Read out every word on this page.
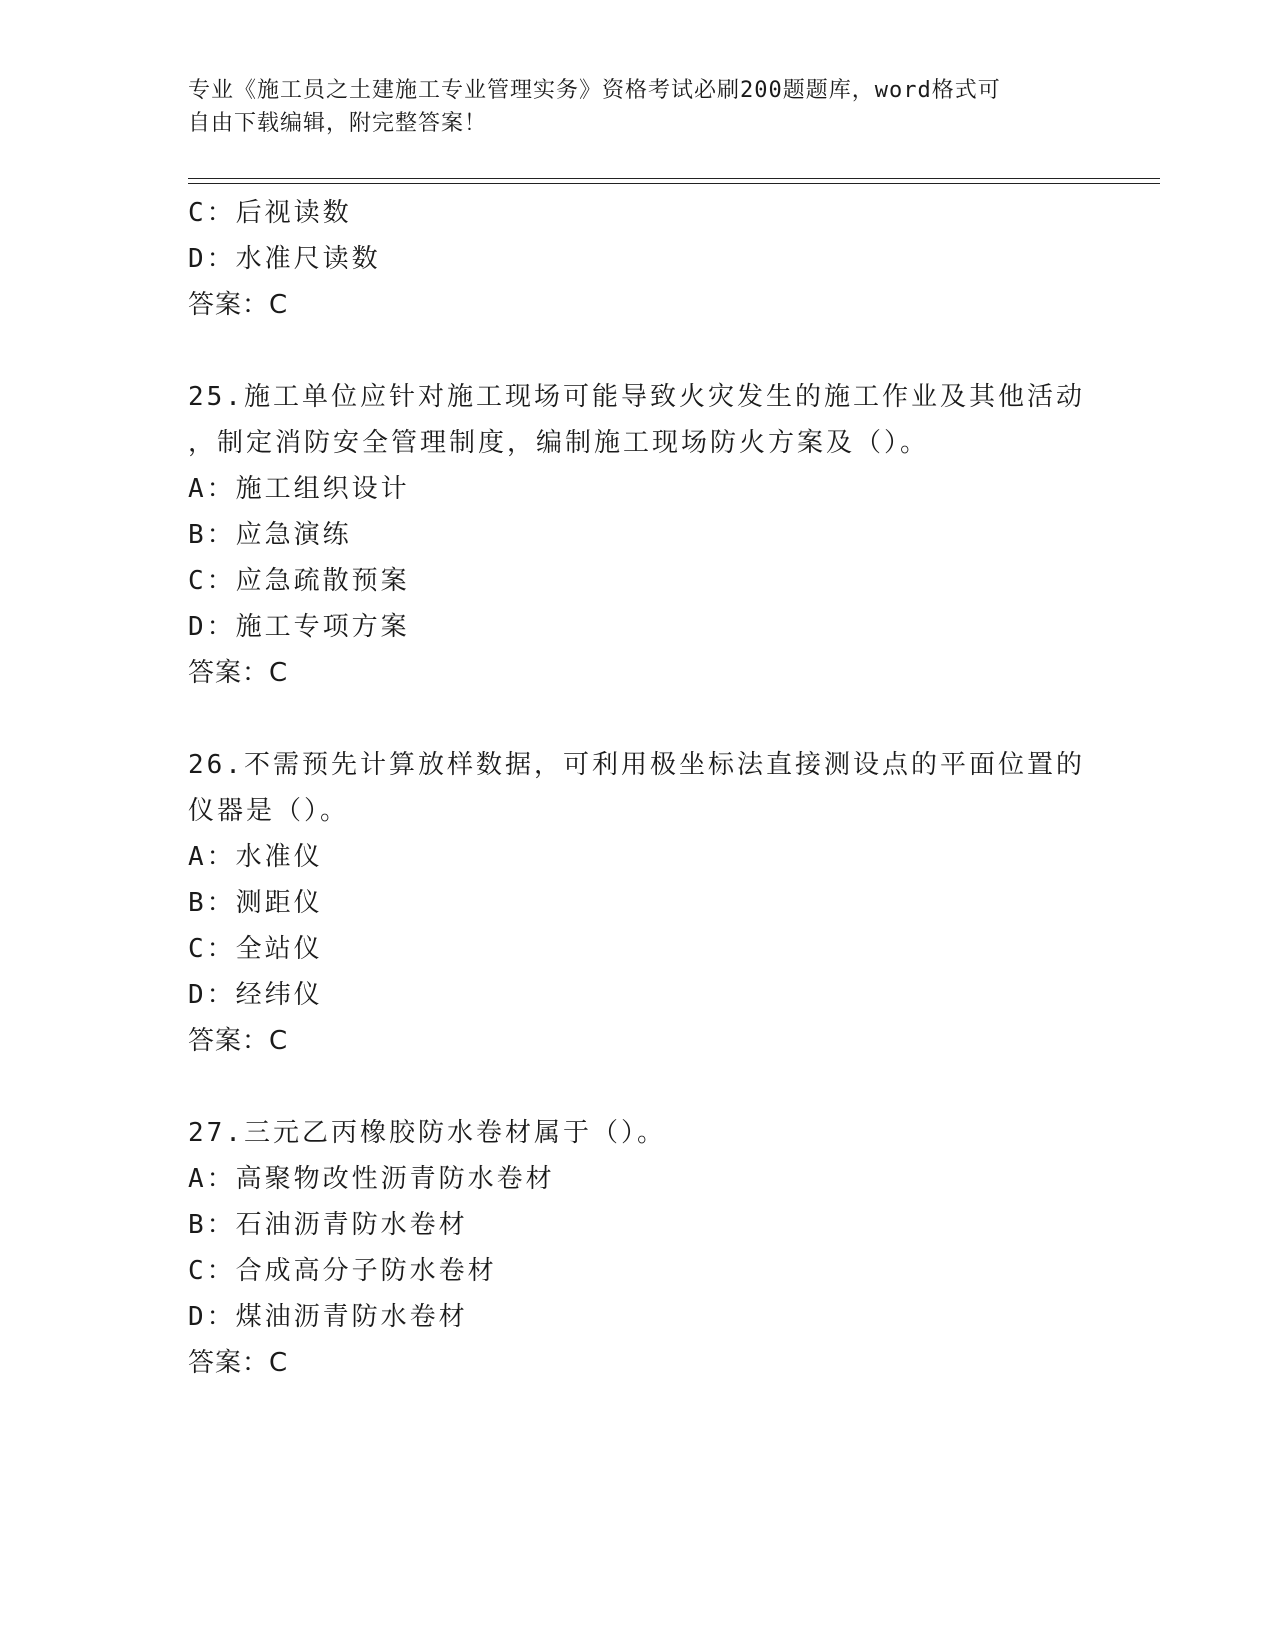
专业《施工员之土建施工专业管理实务》资格考试必刷200题题库，word格式可
自由下载编辑，附完整答案！
C：后视读数
D：水准尺读数
答案：C
25.施工单位应针对施工现场可能导致火灾发生的施工作业及其他活动
，制定消防安全管理制度，编制施工现场防火方案及（）。
A：施工组织设计
B：应急演练
C：应急疏散预案
D：施工专项方案
答案：C
26.不需预先计算放样数据，可利用极坐标法直接测设点的平面位置的
仪器是（）。
A：水准仪
B：测距仪
C：全站仪
D：经纬仪
答案：C
27.三元乙丙橡胶防水卷材属于（）。
A：高聚物改性沥青防水卷材
B：石油沥青防水卷材
C：合成高分子防水卷材
D：煤油沥青防水卷材
答案：C
